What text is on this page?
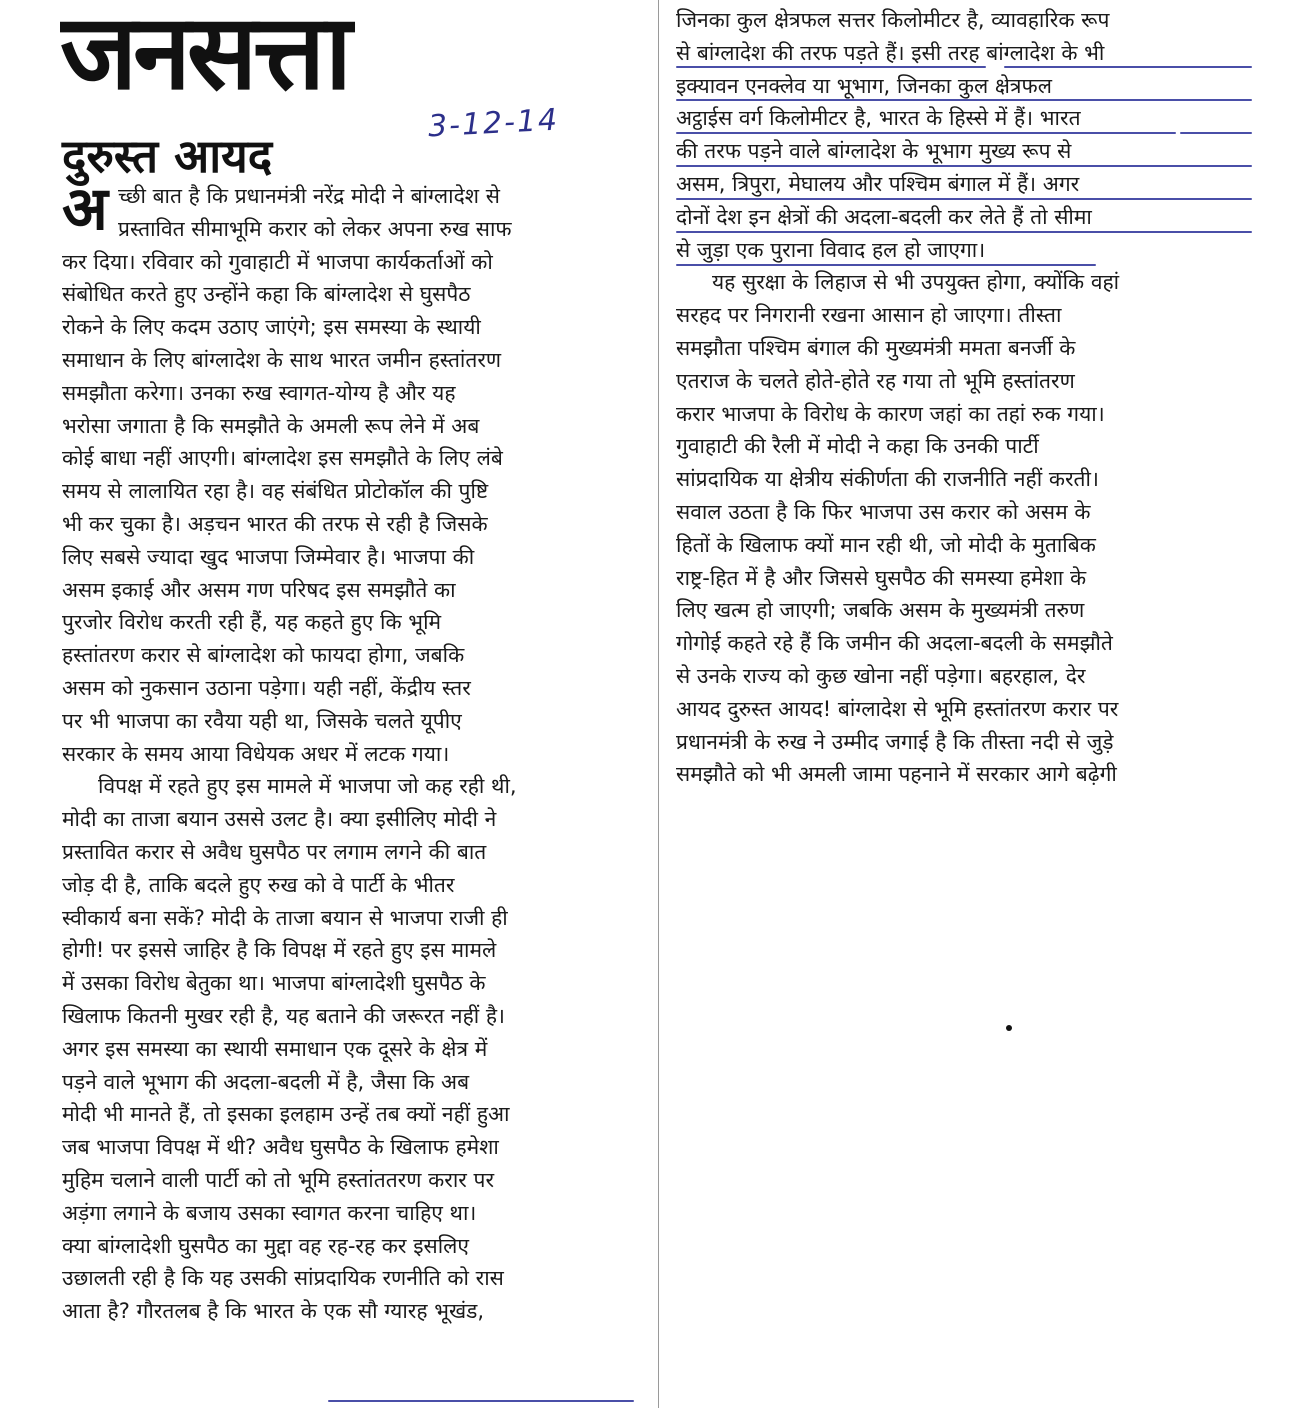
जनसत्ता
3-12-14
दुरुस्त आयद
अ च्छी बात है कि प्रधानमंत्री नरेंद्र मोदी ने बांग्लादेश से
प्रस्तावित सीमाभूमि करार को लेकर अपना रुख साफ
कर दिया। रविवार को गुवाहाटी में भाजपा कार्यकर्ताओं को
संबोधित करते हुए उन्होंने कहा कि बांग्लादेश से घुसपैठ
रोकने के लिए कदम उठाए जाएंगे; इस समस्या के स्थायी
समाधान के लिए बांग्लादेश के साथ भारत जमीन हस्तांतरण
समझौता करेगा। उनका रुख स्वागत-योग्य है और यह
भरोसा जगाता है कि समझौते के अमली रूप लेने में अब
कोई बाधा नहीं आएगी। बांग्लादेश इस समझौते के लिए लंबे
समय से लालायित रहा है। वह संबंधित प्रोटोकॉल की पुष्टि
भी कर चुका है। अड़चन भारत की तरफ से रही है जिसके
लिए सबसे ज्यादा खुद भाजपा जिम्मेवार है। भाजपा की
असम इकाई और असम गण परिषद इस समझौते का
पुरजोर विरोध करती रही हैं, यह कहते हुए कि भूमि
हस्तांतरण करार से बांग्लादेश को फायदा होगा, जबकि
असम को नुकसान उठाना पड़ेगा। यही नहीं, केंद्रीय स्तर
पर भी भाजपा का रवैया यही था, जिसके चलते यूपीए
सरकार के समय आया विधेयक अधर में लटक गया।
विपक्ष में रहते हुए इस मामले में भाजपा जो कह रही थी,
मोदी का ताजा बयान उससे उलट है। क्या इसीलिए मोदी ने
प्रस्तावित करार से अवैध घुसपैठ पर लगाम लगने की बात
जोड़ दी है, ताकि बदले हुए रुख को वे पार्टी के भीतर
स्वीकार्य बना सकें? मोदी के ताजा बयान से भाजपा राजी ही
होगी! पर इससे जाहिर है कि विपक्ष में रहते हुए इस मामले
में उसका विरोध बेतुका था। भाजपा बांग्लादेशी घुसपैठ के
खिलाफ कितनी मुखर रही है, यह बताने की जरूरत नहीं है।
अगर इस समस्या का स्थायी समाधान एक दूसरे के क्षेत्र में
पड़ने वाले भूभाग की अदला-बदली में है, जैसा कि अब
मोदी भी मानते हैं, तो इसका इलहाम उन्हें तब क्यों नहीं हुआ
जब भाजपा विपक्ष में थी? अवैध घुसपैठ के खिलाफ हमेशा
मुहिम चलाने वाली पार्टी को तो भूमि हस्तांततरण करार पर
अड़ंगा लगाने के बजाय उसका स्वागत करना चाहिए था।
क्या बांग्लादेशी घुसपैठ का मुद्दा वह रह-रह कर इसलिए
उछालती रही है कि यह उसकी सांप्रदायिक रणनीति को रास
आता है? गौरतलब है कि भारत के एक सौ ग्यारह भूखंड,
जिनका कुल क्षेत्रफल सत्तर किलोमीटर है, व्यावहारिक रूप
से बांग्लादेश की तरफ पड़ते हैं। इसी तरह बांग्लादेश के भी
इक्यावन एनक्लेव या भूभाग, जिनका कुल क्षेत्रफल
अट्ठाईस वर्ग किलोमीटर है, भारत के हिस्से में हैं। भारत
की तरफ पड़ने वाले बांग्लादेश के भूभाग मुख्य रूप से
असम, त्रिपुरा, मेघालय और पश्चिम बंगाल में हैं। अगर
दोनों देश इन क्षेत्रों की अदला-बदली कर लेते हैं तो सीमा
से जुड़ा एक पुराना विवाद हल हो जाएगा।
यह सुरक्षा के लिहाज से भी उपयुक्त होगा, क्योंकि वहां
सरहद पर निगरानी रखना आसान हो जाएगा। तीस्ता
समझौता पश्चिम बंगाल की मुख्यमंत्री ममता बनर्जी के
एतराज के चलते होते-होते रह गया तो भूमि हस्तांतरण
करार भाजपा के विरोध के कारण जहां का तहां रुक गया।
गुवाहाटी की रैली में मोदी ने कहा कि उनकी पार्टी
सांप्रदायिक या क्षेत्रीय संकीर्णता की राजनीति नहीं करती।
सवाल उठता है कि फिर भाजपा उस करार को असम के
हितों के खिलाफ क्यों मान रही थी, जो मोदी के मुताबिक
राष्ट्र-हित में है और जिससे घुसपैठ की समस्या हमेशा के
लिए खत्म हो जाएगी; जबकि असम के मुख्यमंत्री तरुण
गोगोई कहते रहे हैं कि जमीन की अदला-बदली के समझौते
से उनके राज्य को कुछ खोना नहीं पड़ेगा। बहरहाल, देर
आयद दुरुस्त आयद! बांग्लादेश से भूमि हस्तांतरण करार पर
प्रधानमंत्री के रुख ने उम्मीद जगाई है कि तीस्ता नदी से जुड़े
समझौते को भी अमली जामा पहनाने में सरकार आगे बढ़ेगी
